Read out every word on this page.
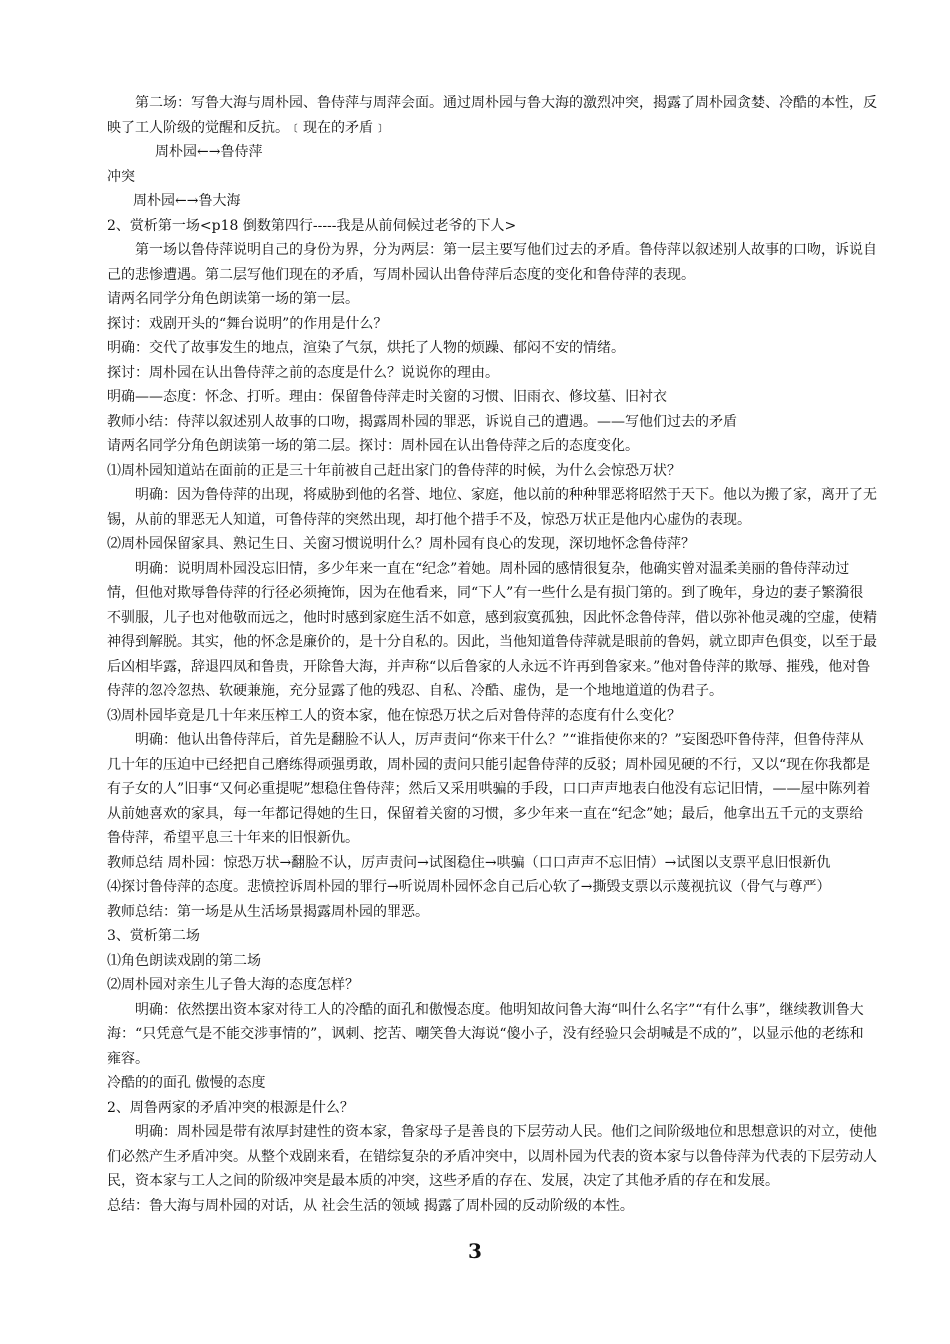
第二场：写鲁大海与周朴园、鲁侍萍与周萍会面。通过周朴园与鲁大海的激烈冲突，揭露了周朴园贪婪、冷酷的本性，反映了工人阶级的觉醒和反抗。﹝现在的矛盾﹞

周朴园←→鲁侍萍

冲突

周朴园←→鲁大海

2、赏析第一场<p18 倒数第四行-----我是从前伺候过老爷的下人>

第一场以鲁侍萍说明自己的身份为界，分为两层：第一层主要写他们过去的矛盾。鲁侍萍以叙述别人故事的口吻，诉说自己的悲惨遭遇。第二层写他们现在的矛盾，写周朴园认出鲁侍萍后态度的变化和鲁侍萍的表现。

请两名同学分角色朗读第一场的第一层。

探讨：戏剧开头的“舞台说明”的作用是什么？

明确：交代了故事发生的地点，渲染了气氛，烘托了人物的烦躁、郁闷不安的情绪。

探讨：周朴园在认出鲁侍萍之前的态度是什么？说说你的理由。

明确——态度：怀念、打听。理由：保留鲁侍萍走时关窗的习惯、旧雨衣、修坟墓、旧衬衣

教师小结：侍萍以叙述别人故事的口吻，揭露周朴园的罪恶，诉说自己的遭遇。——写他们过去的矛盾

请两名同学分角色朗读第一场的第二层。探讨：周朴园在认出鲁侍萍之后的态度变化。

⑴周朴园知道站在面前的正是三十年前被自己赶出家门的鲁侍萍的时候，为什么会惊恐万状？

明确：因为鲁侍萍的出现，将威胁到他的名誉、地位、家庭，他以前的种种罪恶将昭然于天下。他以为搬了家，离开了无锡，从前的罪恶无人知道，可鲁侍萍的突然出现，却打他个措手不及，惊恐万状正是他内心虚伪的表现。

⑵周朴园保留家具、熟记生日、关窗习惯说明什么？周朴园有良心的发现，深切地怀念鲁侍萍？

明确：说明周朴园没忘旧情，多少年来一直在“纪念”着她。周朴园的感情很复杂，他确实曾对温柔美丽的鲁侍萍动过情，但他对欺辱鲁侍萍的行径必须掩饰，因为在他看来，同“下人”有一些什么是有损门第的。到了晚年，身边的妻子繁漪很不驯服，儿子也对他敬而远之，他时时感到家庭生活不如意，感到寂寞孤独，因此怀念鲁侍萍，借以弥补他灵魂的空虚，使精神得到解脱。其实，他的怀念是廉价的，是十分自私的。因此，当他知道鲁侍萍就是眼前的鲁妈，就立即声色俱变，以至于最后凶相毕露，辞退四凤和鲁贵，开除鲁大海，并声称“以后鲁家的人永远不许再到鲁家来。”他对鲁侍萍的欺辱、摧残，他对鲁侍萍的忽冷忽热、软硬兼施，充分显露了他的残忍、自私、冷酷、虚伪，是一个地地道道的伪君子。

⑶周朴园毕竟是几十年来压榨工人的资本家，他在惊恐万状之后对鲁侍萍的态度有什么变化？

明确：他认出鲁侍萍后，首先是翻脸不认人，厉声责问“你来干什么？”“谁指使你来的？”妄图恐吓鲁侍萍，但鲁侍萍从几十年的压迫中已经把自己磨练得顽强勇敢，周朴园的责问只能引起鲁侍萍的反驳；周朴园见硬的不行，又以“现在你我都是有子女的人”旧事“又何必重提呢”想稳住鲁侍萍；然后又采用哄骗的手段，口口声声地表白他没有忘记旧情，——屋中陈列着从前她喜欢的家具，每一年都记得她的生日，保留着关窗的习惯，多少年来一直在“纪念”她；最后，他拿出五千元的支票给鲁侍萍，希望平息三十年来的旧恨新仇。

教师总结 周朴园：惊恐万状→翻脸不认，厉声责问→试图稳住→哄骗（口口声声不忘旧情）→试图以支票平息旧恨新仇

⑷探讨鲁侍萍的态度。悲愤控诉周朴园的罪行→听说周朴园怀念自己后心软了→撕毁支票以示蔑视抗议（骨气与尊严）

教师总结：第一场是从生活场景揭露周朴园的罪恶。

3、赏析第二场

⑴角色朗读戏剧的第二场

⑵周朴园对亲生儿子鲁大海的态度怎样？

明确：依然摆出资本家对待工人的冷酷的面孔和傲慢态度。他明知故问鲁大海“叫什么名字”“有什么事”，继续教训鲁大海：“只凭意气是不能交涉事情的”，讽刺、挖苦、嘲笑鲁大海说“傻小子，没有经验只会胡喊是不成的”，以显示他的老练和雍容。

冷酷的的面孔 傲慢的态度

2、周鲁两家的矛盾冲突的根源是什么？

明确：周朴园是带有浓厚封建性的资本家，鲁家母子是善良的下层劳动人民。他们之间阶级地位和思想意识的对立，使他们必然产生矛盾冲突。从整个戏剧来看，在错综复杂的矛盾冲突中，以周朴园为代表的资本家与以鲁侍萍为代表的下层劳动人民，资本家与工人之间的阶级冲突是最本质的冲突，这些矛盾的存在、发展，决定了其他矛盾的存在和发展。

总结：鲁大海与周朴园的对话，从 社会生活的领域 揭露了周朴园的反动阶级的本性。

3
